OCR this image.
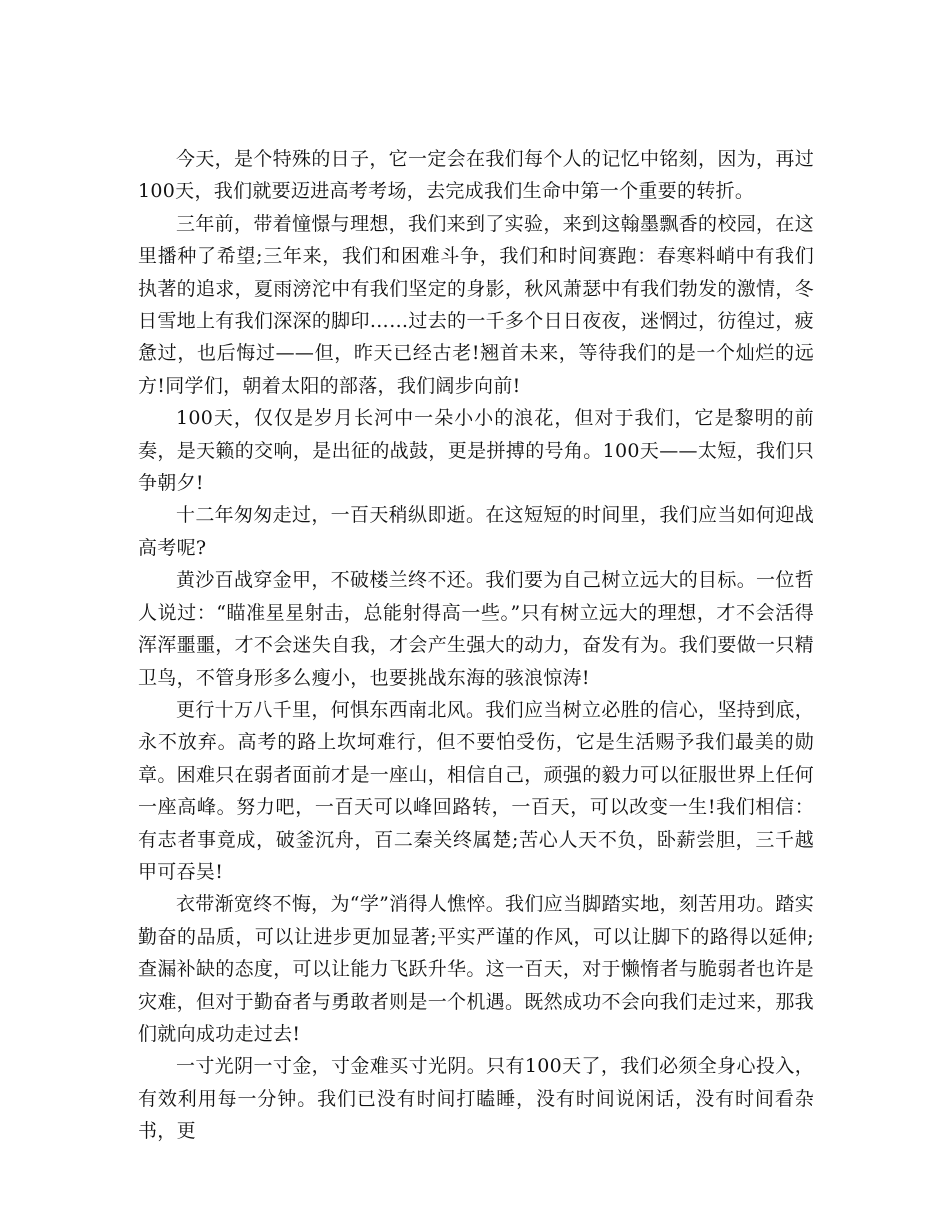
今天，是个特殊的日子，它一定会在我们每个人的记忆中铭刻，因为，再过100天，我们就要迈进高考考场，去完成我们生命中第一个重要的转折。

三年前，带着憧憬与理想，我们来到了实验，来到这翰墨飘香的校园，在这里播种了希望;三年来，我们和困难斗争，我们和时间赛跑：春寒料峭中有我们执著的追求，夏雨滂沱中有我们坚定的身影，秋风萧瑟中有我们勃发的激情，冬日雪地上有我们深深的脚印……过去的一千多个日日夜夜，迷惘过，彷徨过，疲惫过，也后悔过——但，昨天已经古老!翘首未来，等待我们的是一个灿烂的远方!同学们，朝着太阳的部落，我们阔步向前!

100天，仅仅是岁月长河中一朵小小的浪花，但对于我们，它是黎明的前奏，是天籁的交响，是出征的战鼓，更是拼搏的号角。100天——太短，我们只争朝夕!

十二年匆匆走过，一百天稍纵即逝。在这短短的时间里，我们应当如何迎战高考呢?

黄沙百战穿金甲，不破楼兰终不还。我们要为自己树立远大的目标。一位哲人说过：“瞄准星星射击，总能射得高一些。”只有树立远大的理想，才不会活得浑浑噩噩，才不会迷失自我，才会产生强大的动力，奋发有为。我们要做一只精卫鸟，不管身形多么瘦小，也要挑战东海的骇浪惊涛!

更行十万八千里，何惧东西南北风。我们应当树立必胜的信心，坚持到底，永不放弃。高考的路上坎坷难行，但不要怕受伤，它是生活赐予我们最美的勋章。困难只在弱者面前才是一座山，相信自己，顽强的毅力可以征服世界上任何一座高峰。努力吧，一百天可以峰回路转，一百天，可以改变一生!我们相信：有志者事竟成，破釜沉舟，百二秦关终属楚;苦心人天不负，卧薪尝胆，三千越甲可吞吴!

衣带渐宽终不悔，为“学”消得人憔悴。我们应当脚踏实地，刻苦用功。踏实勤奋的品质，可以让进步更加显著;平实严谨的作风，可以让脚下的路得以延伸;查漏补缺的态度，可以让能力飞跃升华。这一百天，对于懒惰者与脆弱者也许是灾难，但对于勤奋者与勇敢者则是一个机遇。既然成功不会向我们走过来，那我们就向成功走过去!

一寸光阴一寸金，寸金难买寸光阴。只有100天了，我们必须全身心投入，有效利用每一分钟。我们已没有时间打瞌睡，没有时间说闲话，没有时间看杂书，更
